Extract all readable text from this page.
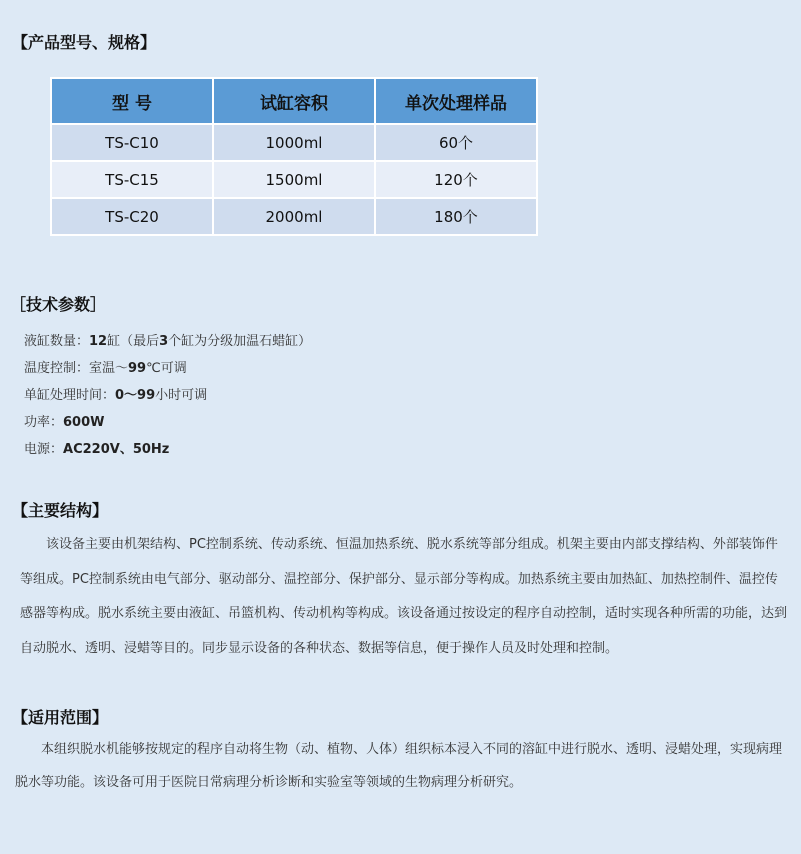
【产品型号、规格】
型 号	试缸容积	单次处理样品
TS-C10	1000ml	60个
TS-C15	1500ml	120个
TS-C20	2000ml	180个
［技术参数］
液缸数量：12缸（最后3个缸为分级加温石蜡缸）
温度控制：室温～99℃可调
单缸处理时间：0～99小时可调
功率：600W
电源：AC220V、50Hz
【主要结构】

　　该设备主要由机架结构、PC控制系统、传动系统、恒温加热系统、脱水系统等部分组成。机架主要由内部支撑结构、外部装饰件

等组成。PC控制系统由电气部分、驱动部分、温控部分、保护部分、显示部分等构成。加热系统主要由加热缸、加热控制件、温控传

感器等构成。脱水系统主要由液缸、吊篮机构、传动机构等构成。该设备通过按设定的程序自动控制，适时实现各种所需的功能，达到

自动脱水、透明、浸蜡等目的。同步显示设备的各种状态、数据等信息，便于操作人员及时处理和控制。

【适用范围】

　　本组织脱水机能够按规定的程序自动将生物（动、植物、人体）组织标本浸入不同的溶缸中进行脱水、透明、浸蜡处理，实现病理

脱水等功能。该设备可用于医院日常病理分析诊断和实验室等领域的生物病理分析研究。
